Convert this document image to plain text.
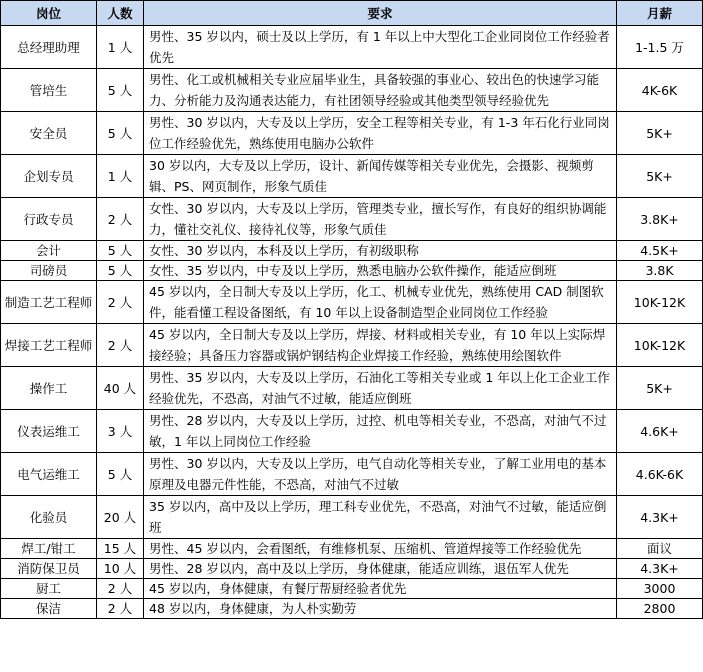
岗位	人数	要求	月薪
总经理助理	1 人	男性、35 岁以内，硕士及以上学历，有 1 年以上中大型化工企业同岗位工作经验者优先	1-1.5 万
管培生	5 人	男性、化工或机械相关专业应届毕业生，具备较强的事业心、较出色的快速学习能力、分析能力及沟通表达能力，有社团领导经验或其他类型领导经验优先	4K-6K
安全员	5 人	男性、30 岁以内，大专及以上学历，安全工程等相关专业，有 1-3 年石化行业同岗位工作经验优先，熟练使用电脑办公软件	5K+
企划专员	1 人	30 岁以内，大专及以上学历，设计、新闻传媒等相关专业优先，会摄影、视频剪辑、PS、网页制作，形象气质佳	5K+
行政专员	2 人	女性、30 岁以内，大专及以上学历，管理类专业，擅长写作，有良好的组织协调能力，懂社交礼仪、接待礼仪等，形象气质佳	3.8K+
会计	5 人	女性、30 岁以内，本科及以上学历，有初级职称	4.5K+
司磅员	5 人	女性、35 岁以内，中专及以上学历，熟悉电脑办公软件操作，能适应倒班	3.8K
制造工艺工程师	2 人	45 岁以内，全日制大专及以上学历，化工、机械专业优先，熟练使用 CAD 制图软件，能看懂工程设备图纸，有 10 年以上设备制造型企业同岗位工作经验	10K-12K
焊接工艺工程师	2 人	45 岁以内，全日制大专及以上学历，焊接、材料或相关专业，有 10 年以上实际焊接经验；具备压力容器或锅炉钢结构企业焊接工作经验，熟练使用绘图软件	10K-12K
操作工	40 人	男性、35 岁以内，大专及以上学历，石油化工等相关专业或 1 年以上化工企业工作经验优先，不恐高，对油气不过敏，能适应倒班	5K+
仪表运维工	3 人	男性、28 岁以内，大专及以上学历，过控、机电等相关专业，不恐高，对油气不过敏，1 年以上同岗位工作经验	4.6K+
电气运维工	5 人	男性、30 岁以内，大专及以上学历，电气自动化等相关专业，了解工业用电的基本原理及电器元件性能，不恐高，对油气不过敏	4.6K-6K
化验员	20 人	35 岁以内，高中及以上学历，理工科专业优先，不恐高，对油气不过敏，能适应倒班	4.3K+
焊工/钳工	15 人	男性、45 岁以内，会看图纸，有维修机泵、压缩机、管道焊接等工作经验优先	面议
消防保卫员	10 人	男性、28 岁以内，高中及以上学历，身体健康，能适应训练，退伍军人优先	4.3K+
厨工	2 人	45 岁以内，身体健康，有餐厅帮厨经验者优先	3000
保洁	2 人	48 岁以内，身体健康，为人朴实勤劳	2800
